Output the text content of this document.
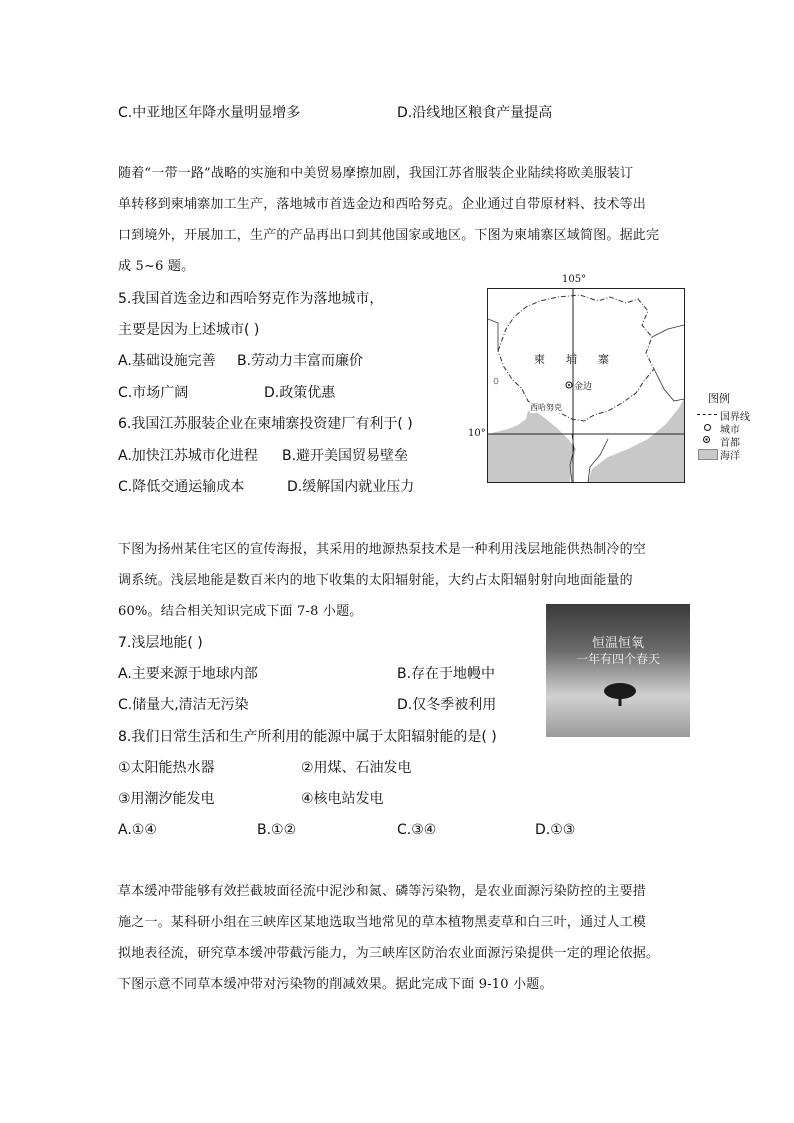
C.中亚地区年降水量明显增多	D.沿线地区粮食产量提高
随着“一带一路”战略的实施和中美贸易摩擦加剧，我国江苏省服装企业陆续将欧美服装订
单转移到柬埔寨加工生产，落地城市首选金边和西哈努克。企业通过自带原材料、技术等出
口到境外，开展加工，生产的产品再出口到其他国家或地区。下图为柬埔寨区域简图。据此完
成 5~6 题。
5.我国首选金边和西哈努克作为落地城市，
主要是因为上述城市( )
A.基础设施完善 B.劳动力丰富而廉价
C.市场广阔	D.政策优惠
6.我国江苏服装企业在柬埔寨投资建厂有利于( )
A.加快江苏城市化进程 B.避开美国贸易壁垒
C.降低交通运输成本	D.缓解国内就业压力
105°
10°
柬 埔 寨
金边
西哈努克
图例
国界线
城市
首都
海洋
下图为扬州某住宅区的宣传海报，其采用的地源热泵技术是一种利用浅层地能供热制冷的空
调系统。浅层地能是数百米内的地下收集的太阳辐射能，大约占太阳辐射射向地面能量的
60%。结合相关知识完成下面 7-8 小题。
恒温恒氧
一年有四个春天
7.浅层地能( )
A.主要来源于地球内部	B.存在于地幔中
C.储量大,清洁无污染	D.仅冬季被利用
8.我们日常生活和生产所利用的能源中属于太阳辐射能的是( )
①太阳能热水器	②用煤、石油发电
③用潮汐能发电	④核电站发电
A.①④	B.①②	C.③④	D.①③
草本缓冲带能够有效拦截坡面径流中泥沙和氮、磷等污染物，是农业面源污染防控的主要措
施之一。某科研小组在三峡库区某地选取当地常见的草本植物黑麦草和白三叶，通过人工模
拟地表径流，研究草本缓冲带截污能力，为三峡库区防治农业面源污染提供一定的理论依据。
下图示意不同草本缓冲带对污染物的削减效果。据此完成下面 9-10 小题。
